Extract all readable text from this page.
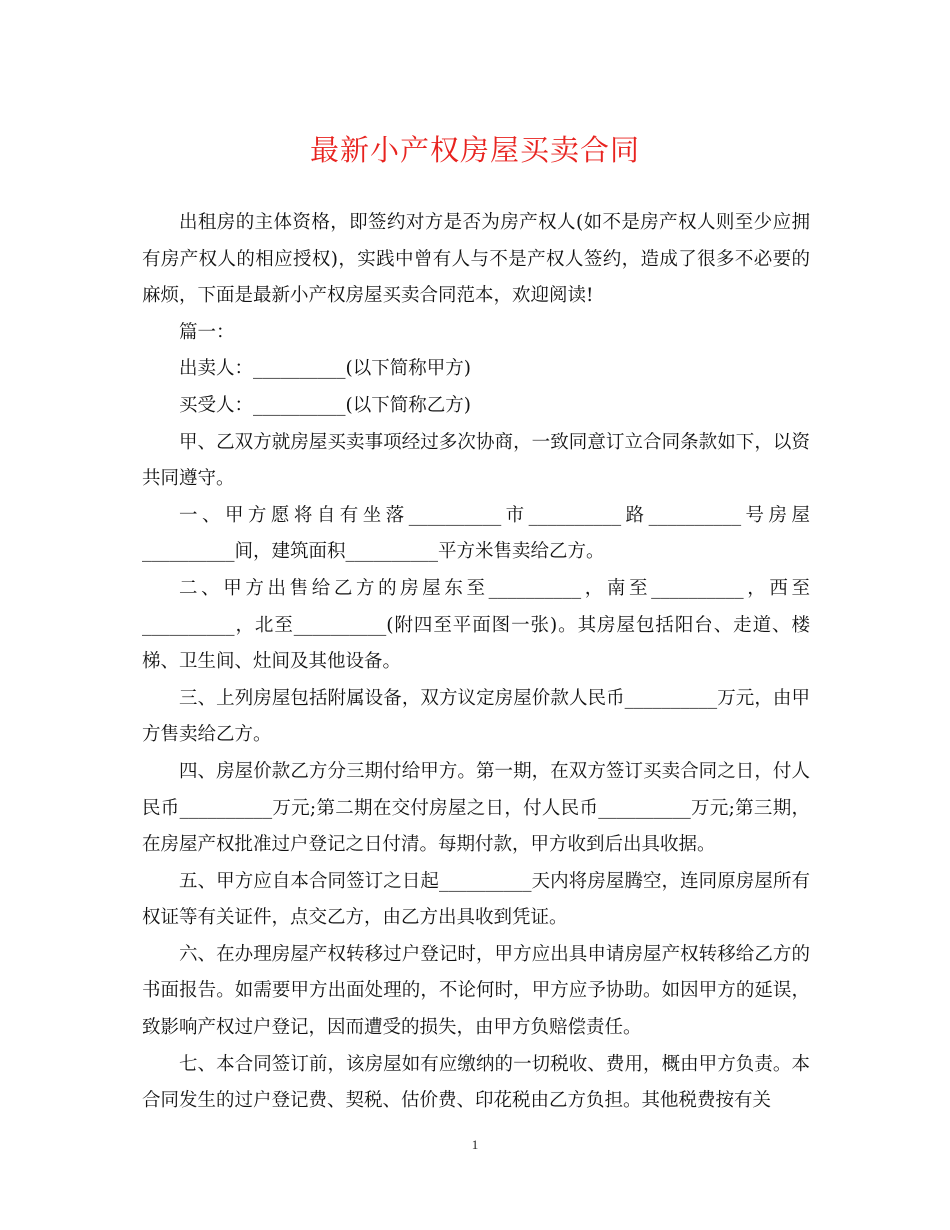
最新小产权房屋买卖合同

出租房的主体资格，即签约对方是否为房产权人(如不是房产权人则至少应拥有房产权人的相应授权)，实践中曾有人与不是产权人签约，造成了很多不必要的麻烦，下面是最新小产权房屋买卖合同范本，欢迎阅读!

篇一：

出卖人：__________(以下简称甲方)

买受人：__________(以下简称乙方)

甲、乙双方就房屋买卖事项经过多次协商，一致同意订立合同条款如下，以资共同遵守。

一、甲方愿将自有坐落__________市__________路__________号房屋__________间，建筑面积__________平方米售卖给乙方。

二、甲方出售给乙方的房屋东至__________，南至__________，西至__________，北至__________(附四至平面图一张)。其房屋包括阳台、走道、楼梯、卫生间、灶间及其他设备。

三、上列房屋包括附属设备，双方议定房屋价款人民币__________万元，由甲方售卖给乙方。

四、房屋价款乙方分三期付给甲方。第一期，在双方签订买卖合同之日，付人民币__________万元;第二期在交付房屋之日，付人民币__________万元;第三期，在房屋产权批准过户登记之日付清。每期付款，甲方收到后出具收据。

五、甲方应自本合同签订之日起__________天内将房屋腾空，连同原房屋所有权证等有关证件，点交乙方，由乙方出具收到凭证。

六、在办理房屋产权转移过户登记时，甲方应出具申请房屋产权转移给乙方的书面报告。如需要甲方出面处理的，不论何时，甲方应予协助。如因甲方的延误，致影响产权过户登记，因而遭受的损失，由甲方负赔偿责任。

七、本合同签订前，该房屋如有应缴纳的一切税收、费用，概由甲方负责。本合同发生的过户登记费、契税、估价费、印花税由乙方负担。其他税费按有关

1
